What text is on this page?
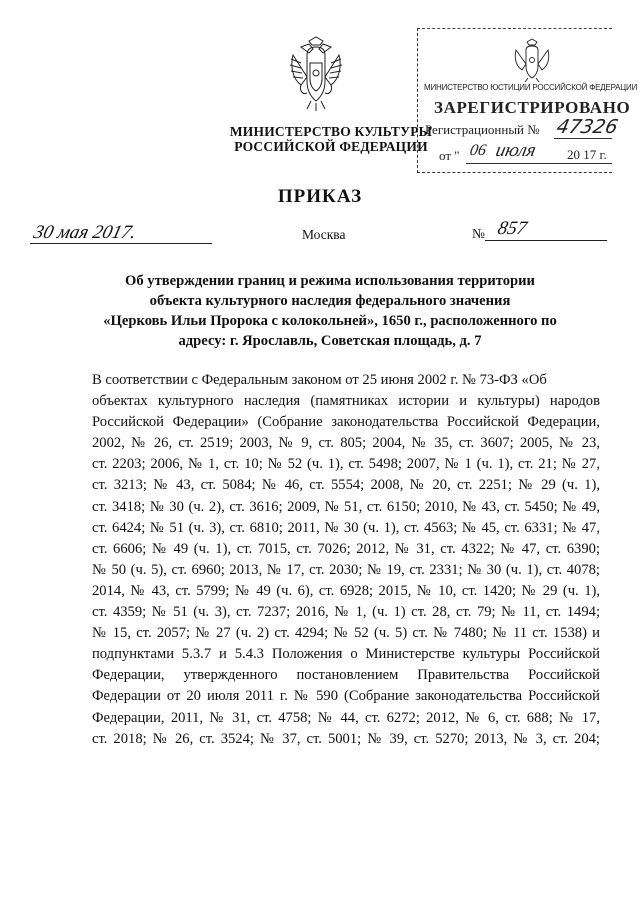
МИНИСТЕРСТВО КУЛЬТУРЫ
РОССИЙСКОЙ ФЕДЕРАЦИИ
МИНИСТЕРСТВО ЮСТИЦИИ РОССИЙСКОЙ ФЕДЕРАЦИИ
ЗАРЕГИСТРИРОВАНО
Регистрационный № 47326
от " 06 июля 20 17 г.
ПРИКАЗ
30 мая 2017.	Москва	№ 857
Об утверждении границ и режима использования территории
объекта культурного наследия федерального значения
«Церковь Ильи Пророка с колокольней», 1650 г., расположенного по
адресу: г. Ярославль, Советская площадь, д. 7
В соответствии с Федеральным законом от 25 июня 2002 г. № 73-ФЗ «Об
объектах культурного наследия (памятниках истории и культуры) народов
Российской Федерации» (Собрание законодательства Российской Федерации,
2002, № 26, ст. 2519; 2003, № 9, ст. 805; 2004, № 35, ст. 3607; 2005, № 23,
ст. 2203; 2006, № 1, ст. 10; № 52 (ч. 1), ст. 5498; 2007, № 1 (ч. 1), ст. 21; № 27,
ст. 3213; № 43, ст. 5084; № 46, ст. 5554; 2008, № 20, ст. 2251; № 29 (ч. 1),
ст. 3418; № 30 (ч. 2), ст. 3616; 2009, № 51, ст. 6150; 2010, № 43, ст. 5450; № 49,
ст. 6424; № 51 (ч. 3), ст. 6810; 2011, № 30 (ч. 1), ст. 4563; № 45, ст. 6331; № 47,
ст. 6606; № 49 (ч. 1), ст. 7015, ст. 7026; 2012, № 31, ст. 4322; № 47, ст. 6390;
№ 50 (ч. 5), ст. 6960; 2013, № 17, ст. 2030; № 19, ст. 2331; № 30 (ч. 1), ст. 4078;
2014, № 43, ст. 5799; № 49 (ч. 6), ст. 6928; 2015, № 10, ст. 1420; № 29 (ч. 1),
ст. 4359; № 51 (ч. 3), ст. 7237; 2016, № 1, (ч. 1) ст. 28, ст. 79; № 11, ст. 1494;
№ 15, ст. 2057; № 27 (ч. 2) ст. 4294; № 52 (ч. 5) ст. № 7480; № 11 ст. 1538) и
подпунктами 5.3.7 и 5.4.3 Положения о Министерстве культуры Российской
Федерации, утвержденного постановлением Правительства Российской
Федерации от 20 июля 2011 г. № 590 (Собрание законодательства Российской
Федерации, 2011, № 31, ст. 4758; № 44, ст. 6272; 2012, № 6, ст. 688; № 17,
ст. 2018; № 26, ст. 3524; № 37, ст. 5001; № 39, ст. 5270; 2013, № 3, ст. 204;
